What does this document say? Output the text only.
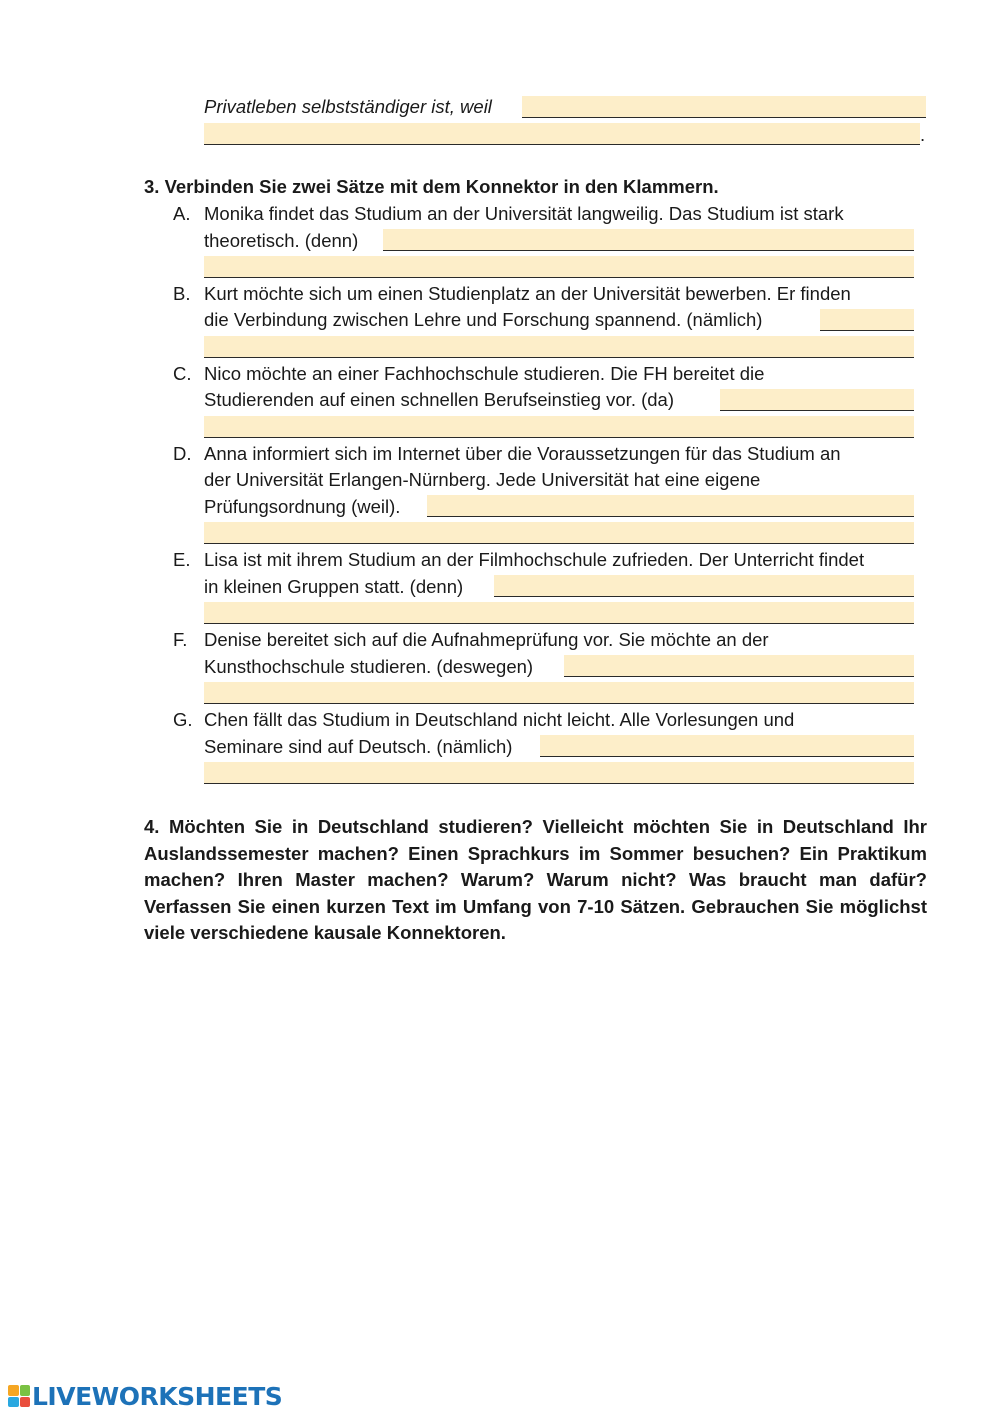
Privatleben selbstständiger ist, weil
.
3. Verbinden Sie zwei Sätze mit dem Konnektor in den Klammern.
A. Monika findet das Studium an der Universität langweilig. Das Studium ist stark
theoretisch. (denn)
B. Kurt möchte sich um einen Studienplatz an der Universität bewerben. Er finden
die Verbindung zwischen Lehre und Forschung spannend. (nämlich)
C. Nico möchte an einer Fachhochschule studieren. Die FH bereitet die
Studierenden auf einen schnellen Berufseinstieg vor. (da)
D. Anna informiert sich im Internet über die Voraussetzungen für das Studium an
der Universität Erlangen-Nürnberg. Jede Universität hat eine eigene
Prüfungsordnung (weil).
E. Lisa ist mit ihrem Studium an der Filmhochschule zufrieden. Der Unterricht findet
in kleinen Gruppen statt. (denn)
F. Denise bereitet sich auf die Aufnahmeprüfung vor. Sie möchte an der
Kunsthochschule studieren. (deswegen)
G. Chen fällt das Studium in Deutschland nicht leicht. Alle Vorlesungen und
Seminare sind auf Deutsch. (nämlich)
4. Möchten Sie in Deutschland studieren? Vielleicht möchten Sie in Deutschland Ihr Auslandssemester machen? Einen Sprachkurs im Sommer besuchen? Ein Praktikum machen? Ihren Master machen? Warum? Warum nicht? Was braucht man dafür? Verfassen Sie einen kurzen Text im Umfang von 7-10 Sätzen. Gebrauchen Sie möglichst viele verschiedene kausale Konnektoren.
LIVEWORKSHEETS
